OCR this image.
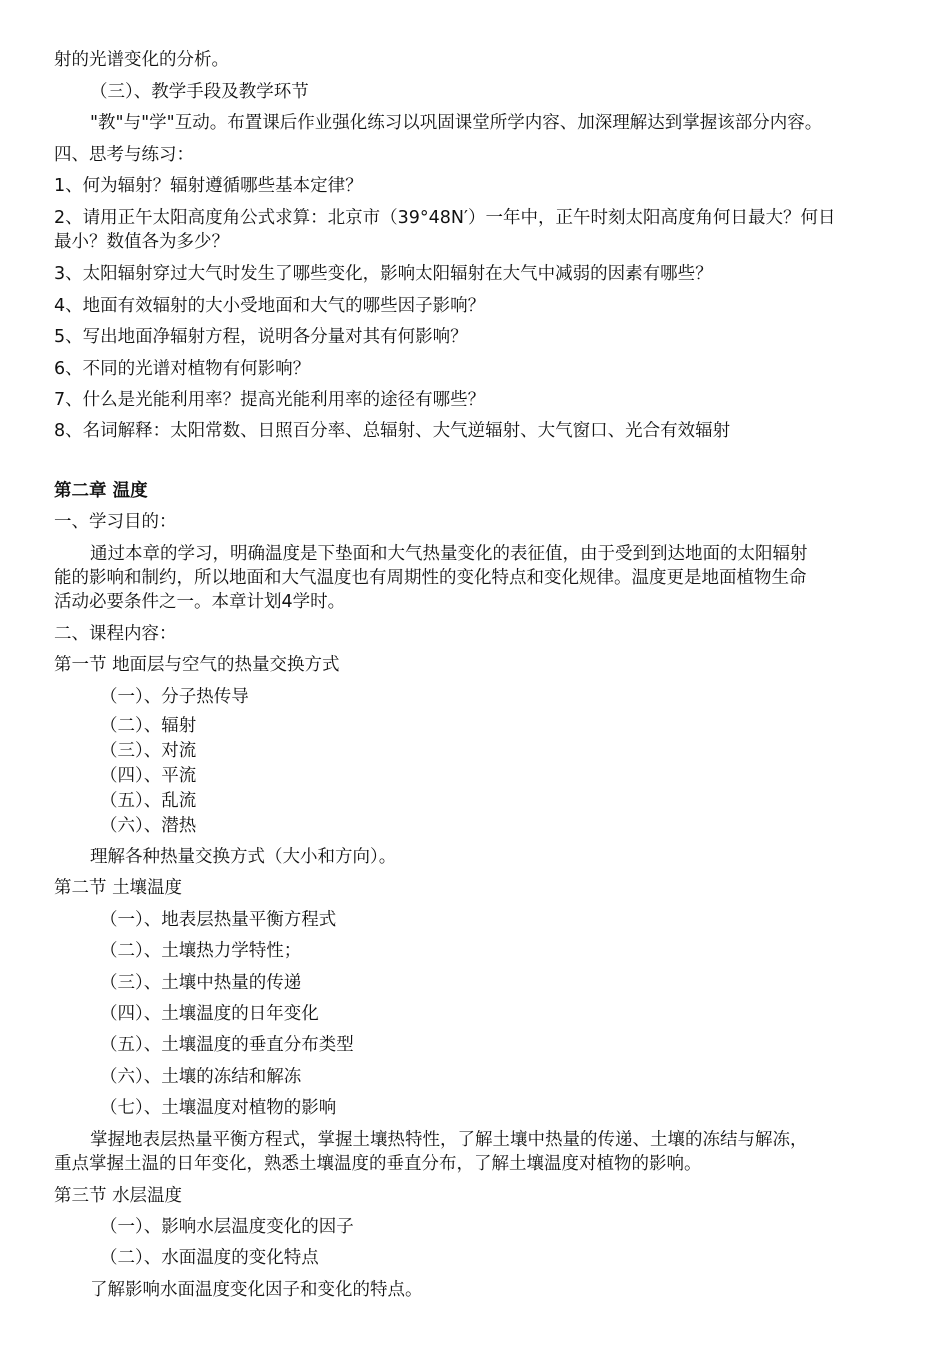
射的光谱变化的分析。
（三）、教学手段及教学环节
"教"与"学"互动。布置课后作业强化练习以巩固课堂所学内容、加深理解达到掌握该部分内容。
四、思考与练习：
1、何为辐射？辐射遵循哪些基本定律？
2、请用正午太阳高度角公式求算：北京市（39°48N′）一年中，正午时刻太阳高度角何日最大？何日
最小？数值各为多少？
3、太阳辐射穿过大气时发生了哪些变化，影响太阳辐射在大气中减弱的因素有哪些？
4、地面有效辐射的大小受地面和大气的哪些因子影响？
5、写出地面净辐射方程，说明各分量对其有何影响？
6、不同的光谱对植物有何影响？
7、什么是光能利用率？提高光能利用率的途径有哪些？
8、名词解释：太阳常数、日照百分率、总辐射、大气逆辐射、大气窗口、光合有效辐射
第二章 温度
一、学习目的：
通过本章的学习，明确温度是下垫面和大气热量变化的表征值，由于受到到达地面的太阳辐射
能的影响和制约，所以地面和大气温度也有周期性的变化特点和变化规律。温度更是地面植物生命
活动必要条件之一。本章计划4学时。
二、课程内容：
第一节 地面层与空气的热量交换方式
（一）、分子热传导
（二）、辐射
（三）、对流
（四）、平流
（五）、乱流
（六）、潜热
理解各种热量交换方式（大小和方向）。
第二节 土壤温度
（一）、地表层热量平衡方程式
（二）、土壤热力学特性；
（三）、土壤中热量的传递
（四）、土壤温度的日年变化
（五）、土壤温度的垂直分布类型
（六）、土壤的冻结和解冻
（七）、土壤温度对植物的影响
掌握地表层热量平衡方程式，掌握土壤热特性，了解土壤中热量的传递、土壤的冻结与解冻，
重点掌握土温的日年变化，熟悉土壤温度的垂直分布，了解土壤温度对植物的影响。
第三节 水层温度
（一）、影响水层温度变化的因子
（二）、水面温度的变化特点
了解影响水面温度变化因子和变化的特点。
